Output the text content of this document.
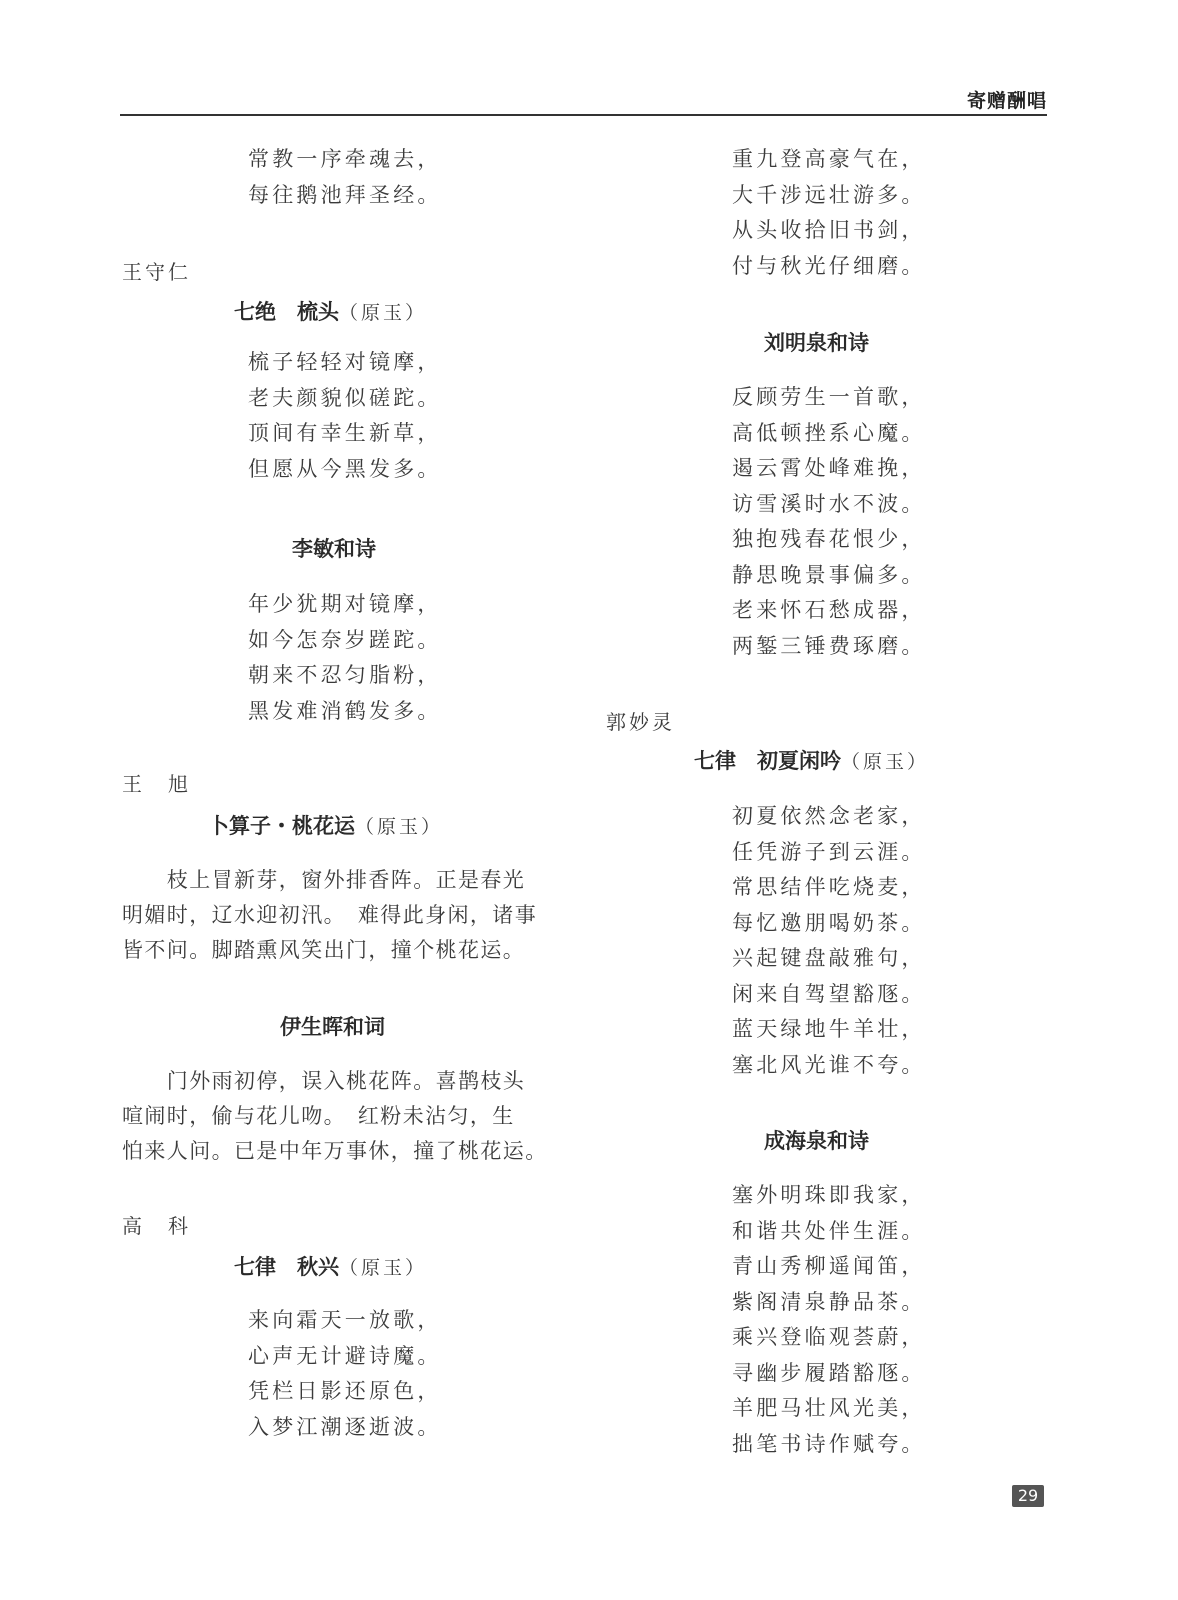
寄赠酬唱
常教一序牵魂去，
每往鹅池拜圣经。
王守仁
七绝　梳头（原玉）
梳子轻轻对镜摩，
老夫颜貌似磋跎。
顶间有幸生新草，
但愿从今黑发多。
李敏和诗
年少犹期对镜摩，
如今怎奈岁蹉跎。
朝来不忍匀脂粉，
黑发难消鹤发多。
王　旭
卜算子・桃花运（原玉）
　　枝上冒新芽，窗外排香阵。正是春光
明媚时，辽水迎初汛。　难得此身闲，诸事
皆不问。脚踏熏风笑出门，撞个桃花运。
伊生晖和词
　　门外雨初停，误入桃花阵。喜鹊枝头
喧闹时，偷与花儿吻。　红粉未沾匀，生
怕来人问。已是中年万事休，撞了桃花运。
高　科
七律　秋兴（原玉）
来向霜天一放歌，
心声无计避诗魔。
凭栏日影还原色，
入梦江潮逐逝波。
重九登高豪气在，
大千涉远壮游多。
从头收拾旧书剑，
付与秋光仔细磨。
刘明泉和诗
反顾劳生一首歌，
高低顿挫系心魔。
遏云霄处峰难挽，
访雪溪时水不波。
独抱残春花恨少，
静思晚景事偏多。
老来怀石愁成器，
两錾三锤费琢磨。
郭妙灵
七律　初夏闲吟（原玉）
初夏依然念老家，
任凭游子到云涯。
常思结伴吃烧麦，
每忆邀朋喝奶茶。
兴起键盘敲雅句，
闲来自驾望豁豗。
蓝天绿地牛羊壮，
塞北风光谁不夸。
成海泉和诗
塞外明珠即我家，
和谐共处伴生涯。
青山秀柳遥闻笛，
紫阁清泉静品茶。
乘兴登临观荟蔚，
寻幽步履踏豁豗。
羊肥马壮风光美，
拙笔书诗作赋夸。
29
